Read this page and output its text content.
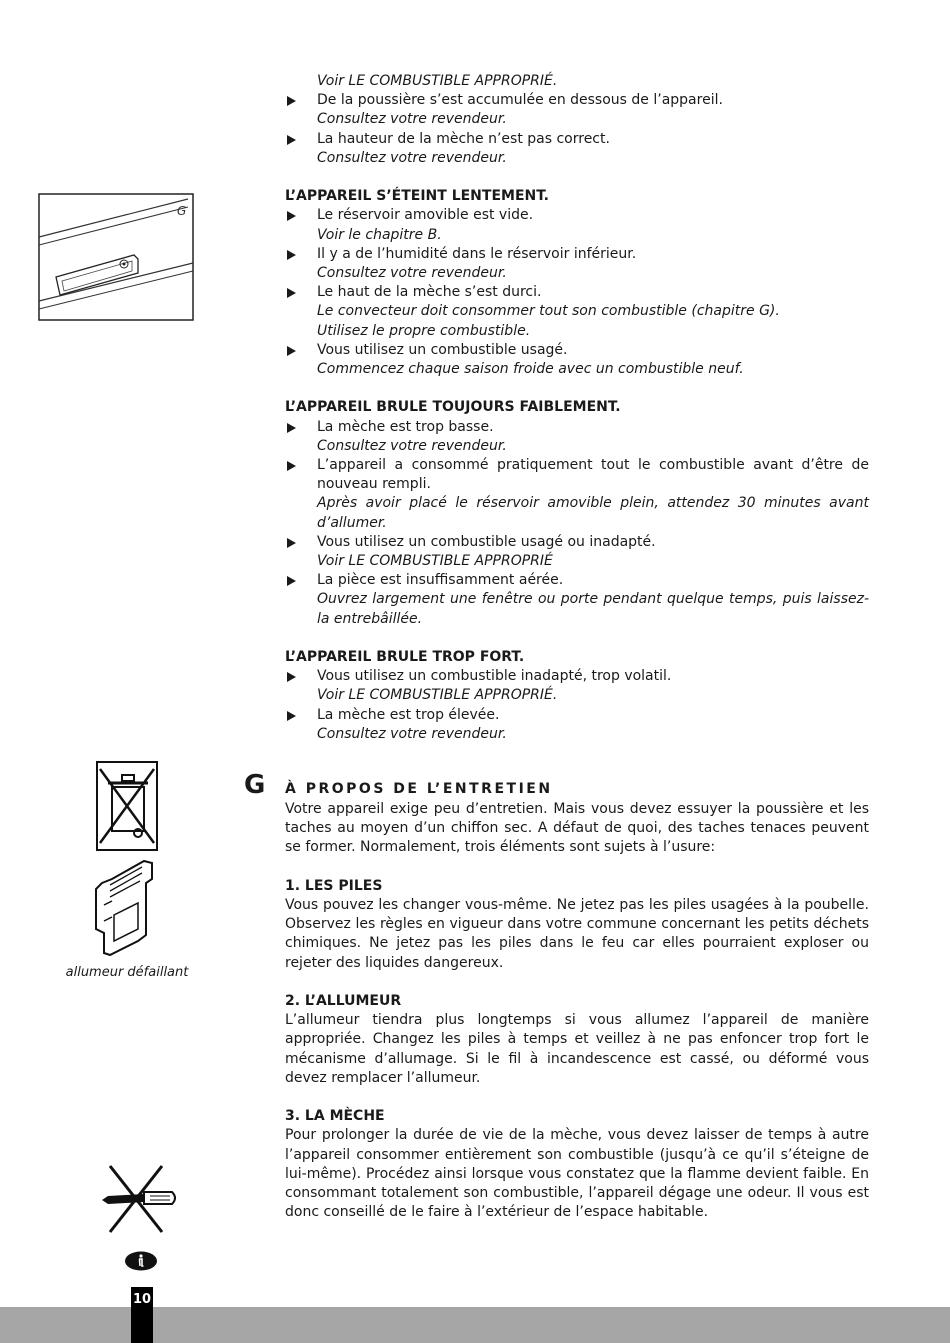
G
allumeur défaillant
Voir LE COMBUSTIBLE APPROPRIÉ.
De la poussière s’est accumulée en dessous de l’appareil.
Consultez votre revendeur.
La hauteur de la mèche n’est pas correct.
Consultez votre revendeur.
L’APPAREIL S’ÉTEINT LENTEMENT.
Le réservoir amovible est vide.
Voir le chapitre B.
Il y a de l’humidité dans le réservoir inférieur.
Consultez votre revendeur.
Le haut de la mèche s’est durci.
Le convecteur doit consommer tout son combustible (chapitre G).
Utilisez le propre combustible.
Vous utilisez un combustible usagé.
Commencez chaque saison froide avec un combustible neuf.
L’APPAREIL BRULE TOUJOURS FAIBLEMENT.
La mèche est trop basse.
Consultez votre revendeur.
L’appareil a consommé pratiquement tout le combustible avant d’être de nouveau rempli.
Après avoir placé le réservoir amovible plein, attendez 30 minutes avant d’allumer.
Vous utilisez un combustible usagé ou inadapté.
Voir LE COMBUSTIBLE APPROPRIÉ
La pièce est insuffisamment aérée.
Ouvrez largement une fenêtre ou porte pendant quelque temps, puis laissez-la entrebâillée.
L’APPAREIL BRULE TROP FORT.
Vous utilisez un combustible inadapté, trop volatil.
Voir LE COMBUSTIBLE APPROPRIÉ.
La mèche est trop élevée.
Consultez votre revendeur.
G À PROPOS DE L’ENTRETIEN
Votre appareil exige peu d’entretien. Mais vous devez essuyer la poussière et les taches au moyen d’un chiffon sec. A défaut de quoi, des taches tenaces peuvent se former. Normalement, trois éléments sont sujets à l’usure:
1. LES PILES
Vous pouvez les changer vous-même. Ne jetez pas les piles usagées à la poubelle. Observez les règles en vigueur dans votre commune concernant les petits déchets chimiques. Ne jetez pas les piles dans le feu car elles pourraient exploser ou rejeter des liquides dangereux.
2. L’ALLUMEUR
L’allumeur tiendra plus longtemps si vous allumez l’appareil de manière appropriée. Changez les piles à temps et veillez à ne pas enfoncer trop fort le mécanisme d’allumage. Si le fil à incandescence est cassé, ou déformé vous devez remplacer l’allumeur.
3. LA MÈCHE
Pour prolonger la durée de vie de la mèche, vous devez laisser de temps à autre l’appareil consommer entièrement son combustible (jusqu’à ce qu’il s’éteigne de lui-même). Procédez ainsi lorsque vous constatez que la flamme devient faible. En consommant totalement son combustible, l’appareil dégage une odeur. Il vous est donc conseillé de le faire à l’extérieur de l’espace habitable.
10
